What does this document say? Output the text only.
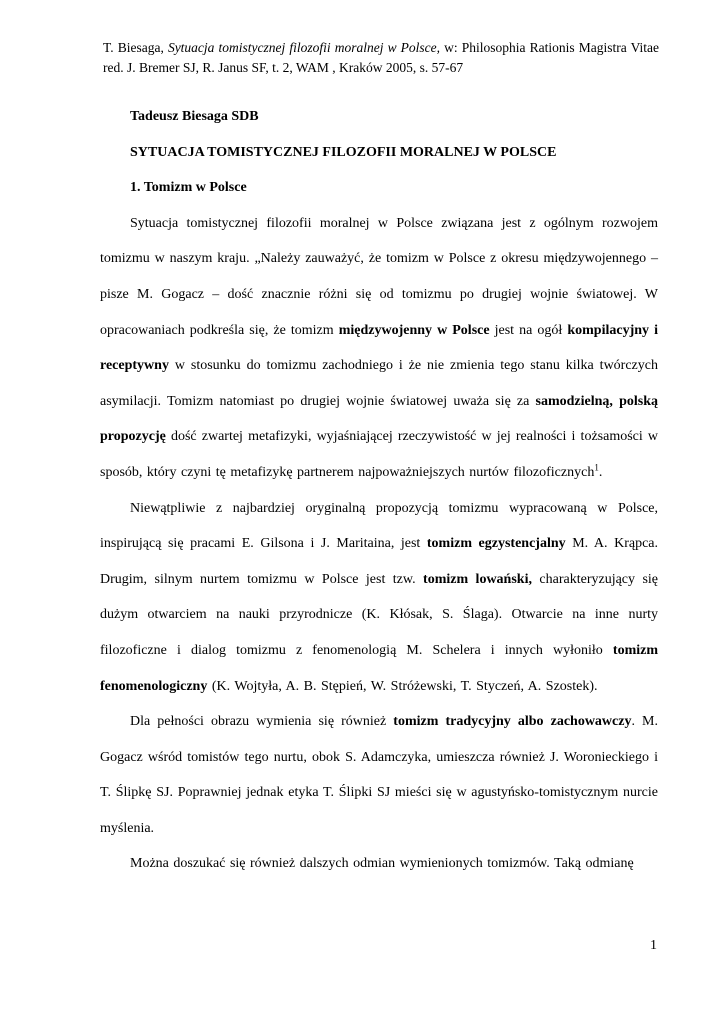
T. Biesaga, Sytuacja tomistycznej filozofii moralnej w Polsce, w: Philosophia Rationis Magistra Vitae red. J. Bremer SJ, R. Janus SF, t. 2, WAM , Kraków 2005, s. 57-67
Tadeusz Biesaga SDB
SYTUACJA TOMISTYCZNEJ FILOZOFII MORALNEJ W POLSCE
1. Tomizm w Polsce

Sytuacja tomistycznej filozofii moralnej w Polsce związana jest z ogólnym rozwojem tomizmu w naszym kraju. „Należy zauważyć, że tomizm w Polsce z okresu międzywojennego – pisze M. Gogacz – dość znacznie różni się od tomizmu po drugiej wojnie światowej. W opracowaniach podkreśla się, że tomizm międzywojenny w Polsce jest na ogół kompilacyjny i receptywny w stosunku do tomizmu zachodniego i że nie zmienia tego stanu kilka twórczych asymilacji. Tomizm natomiast po drugiej wojnie światowej uważa się za samodzielną, polską propozycję dość zwartej metafizyki, wyjaśniającej rzeczywistość w jej realności i tożsamości w sposób, który czyni tę metafizykę partnerem najpoważniejszych nurtów filozoficznych$^1$.

Niewątpliwie z najbardziej oryginalną propozycją tomizmu wypracowaną w Polsce, inspirującą się pracami E. Gilsona i J. Maritaina, jest tomizm egzystencjalny M. A. Krąpca. Drugim, silnym nurtem tomizmu w Polsce jest tzw. tomizm lowański, charakteryzujący się dużym otwarciem na nauki przyrodnicze (K. Kłósak, S. Ślaga). Otwarcie na inne nurty filozoficzne i dialog tomizmu z fenomenologią M. Schelera i innych wyłoniło tomizm fenomenologiczny (K. Wojtyła, A. B. Stępień, W. Stróżewski, T. Styczeń, A. Szostek).

Dla pełności obrazu wymienia się również tomizm tradycyjny albo zachowawczy. M. Gogacz wśród tomistów tego nurtu, obok S. Adamczyka, umieszcza również J. Woronieckiego i T. Ślipkę SJ. Poprawniej jednak etyka T. Ślipki SJ mieści się w agustyńsko-tomistycznym nurcie myślenia.

Można doszukać się również dalszych odmian wymienionych tomizmów. Taką odmianę

1
